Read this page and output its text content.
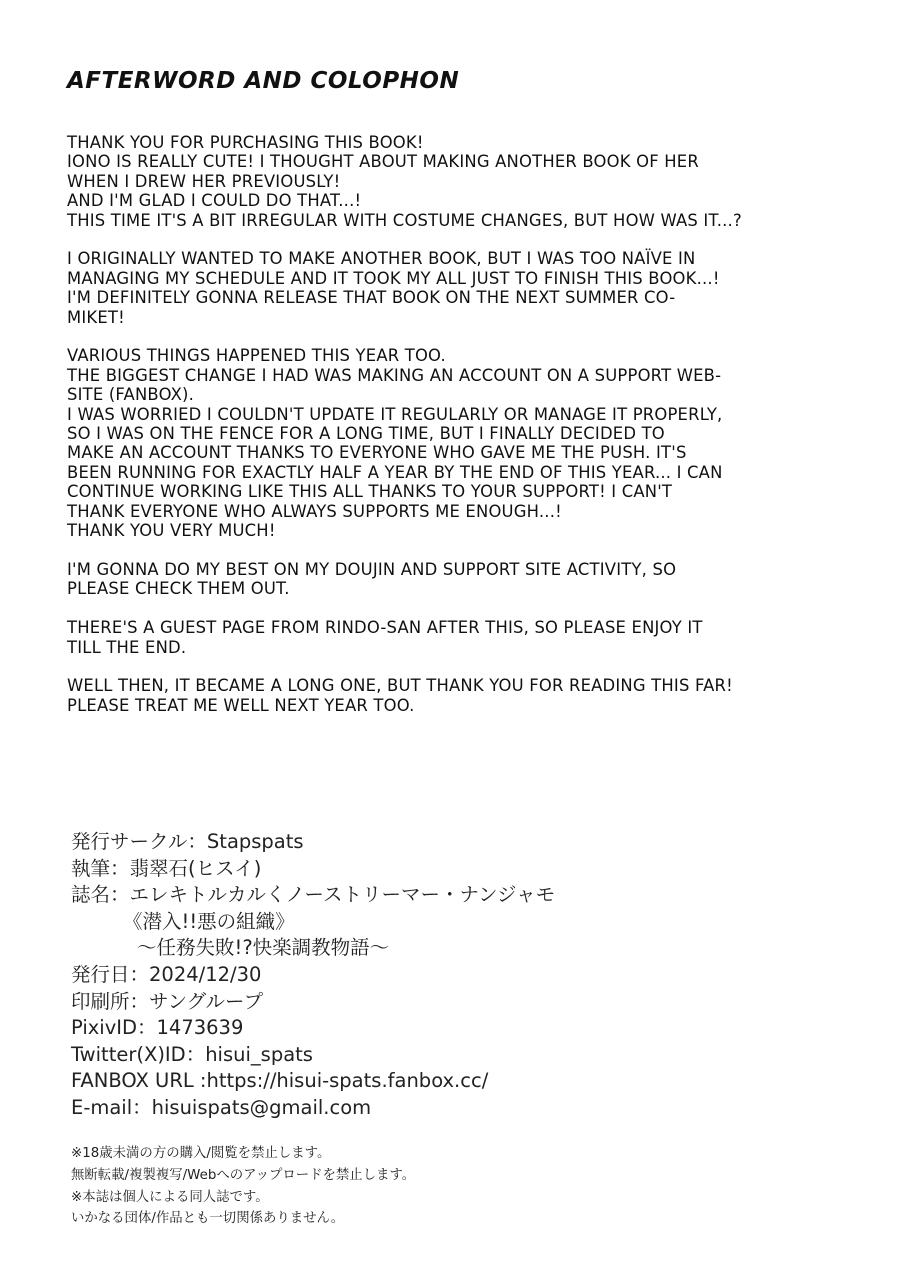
AFTERWORD AND COLOPHON

THANK YOU FOR PURCHASING THIS BOOK!
IONO IS REALLY CUTE! I THOUGHT ABOUT MAKING ANOTHER BOOK OF HER
WHEN I DREW HER PREVIOUSLY!
AND I'M GLAD I COULD DO THAT...!
THIS TIME IT'S A BIT IRREGULAR WITH COSTUME CHANGES, BUT HOW WAS IT...?

I ORIGINALLY WANTED TO MAKE ANOTHER BOOK, BUT I WAS TOO NAÏVE IN
MANAGING MY SCHEDULE AND IT TOOK MY ALL JUST TO FINISH THIS BOOK...!
I'M DEFINITELY GONNA RELEASE THAT BOOK ON THE NEXT SUMMER CO-
MIKET!

VARIOUS THINGS HAPPENED THIS YEAR TOO.
THE BIGGEST CHANGE I HAD WAS MAKING AN ACCOUNT ON A SUPPORT WEB-
SITE (FANBOX).
I WAS WORRIED I COULDN'T UPDATE IT REGULARLY OR MANAGE IT PROPERLY,
SO I WAS ON THE FENCE FOR A LONG TIME, BUT I FINALLY DECIDED TO
MAKE AN ACCOUNT THANKS TO EVERYONE WHO GAVE ME THE PUSH. IT'S
BEEN RUNNING FOR EXACTLY HALF A YEAR BY THE END OF THIS YEAR... I CAN
CONTINUE WORKING LIKE THIS ALL THANKS TO YOUR SUPPORT! I CAN'T
THANK EVERYONE WHO ALWAYS SUPPORTS ME ENOUGH...!
THANK YOU VERY MUCH!

I'M GONNA DO MY BEST ON MY DOUJIN AND SUPPORT SITE ACTIVITY, SO
PLEASE CHECK THEM OUT.

THERE'S A GUEST PAGE FROM RINDO-SAN AFTER THIS, SO PLEASE ENJOY IT
TILL THE END.

WELL THEN, IT BECAME A LONG ONE, BUT THANK YOU FOR READING THIS FAR!
PLEASE TREAT ME WELL NEXT YEAR TOO.

発行サークル：Stapspats
執筆：翡翠石(ヒスイ)
誌名：エレキトルカルくノーストリーマー・ナンジャモ
《潜入!!悪の組織》
〜任務失敗!?快楽調教物語〜
発行日：2024/12/30
印刷所：サングループ
PixivID：1473639
Twitter(X)ID：hisui_spats
FANBOX URL :https://hisui-spats.fanbox.cc/
E-mail：hisuispats@gmail.com
※18歳未満の方の購入/閲覧を禁止します。
無断転載/複製複写/Webへのアップロードを禁止します。
※本誌は個人による同人誌です。
いかなる団体/作品とも一切関係ありません。
